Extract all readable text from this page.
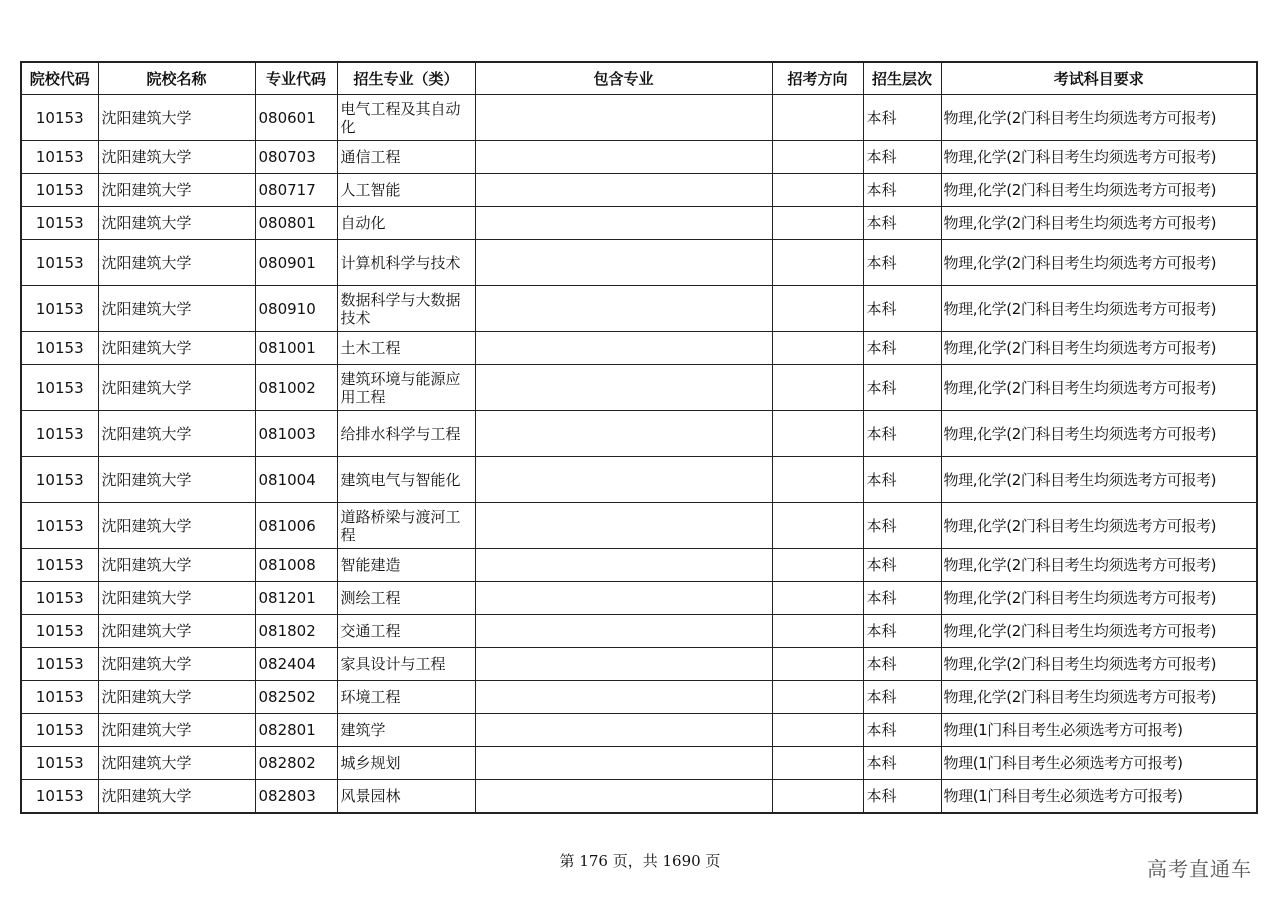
院校代码	院校名称	专业代码	招生专业（类）	包含专业	招考方向	招生层次	考试科目要求
10153	沈阳建筑大学	080601	电气工程及其自动化			本科	物理,化学(2门科目考生均须选考方可报考)
10153	沈阳建筑大学	080703	通信工程			本科	物理,化学(2门科目考生均须选考方可报考)
10153	沈阳建筑大学	080717	人工智能			本科	物理,化学(2门科目考生均须选考方可报考)
10153	沈阳建筑大学	080801	自动化			本科	物理,化学(2门科目考生均须选考方可报考)
10153	沈阳建筑大学	080901	计算机科学与技术			本科	物理,化学(2门科目考生均须选考方可报考)
10153	沈阳建筑大学	080910	数据科学与大数据技术			本科	物理,化学(2门科目考生均须选考方可报考)
10153	沈阳建筑大学	081001	土木工程			本科	物理,化学(2门科目考生均须选考方可报考)
10153	沈阳建筑大学	081002	建筑环境与能源应用工程			本科	物理,化学(2门科目考生均须选考方可报考)
10153	沈阳建筑大学	081003	给排水科学与工程			本科	物理,化学(2门科目考生均须选考方可报考)
10153	沈阳建筑大学	081004	建筑电气与智能化			本科	物理,化学(2门科目考生均须选考方可报考)
10153	沈阳建筑大学	081006	道路桥梁与渡河工程			本科	物理,化学(2门科目考生均须选考方可报考)
10153	沈阳建筑大学	081008	智能建造			本科	物理,化学(2门科目考生均须选考方可报考)
10153	沈阳建筑大学	081201	测绘工程			本科	物理,化学(2门科目考生均须选考方可报考)
10153	沈阳建筑大学	081802	交通工程			本科	物理,化学(2门科目考生均须选考方可报考)
10153	沈阳建筑大学	082404	家具设计与工程			本科	物理,化学(2门科目考生均须选考方可报考)
10153	沈阳建筑大学	082502	环境工程			本科	物理,化学(2门科目考生均须选考方可报考)
10153	沈阳建筑大学	082801	建筑学			本科	物理(1门科目考生必须选考方可报考)
10153	沈阳建筑大学	082802	城乡规划			本科	物理(1门科目考生必须选考方可报考)
10153	沈阳建筑大学	082803	风景园林			本科	物理(1门科目考生必须选考方可报考)
第 176 页，共 1690 页	高考直通车
